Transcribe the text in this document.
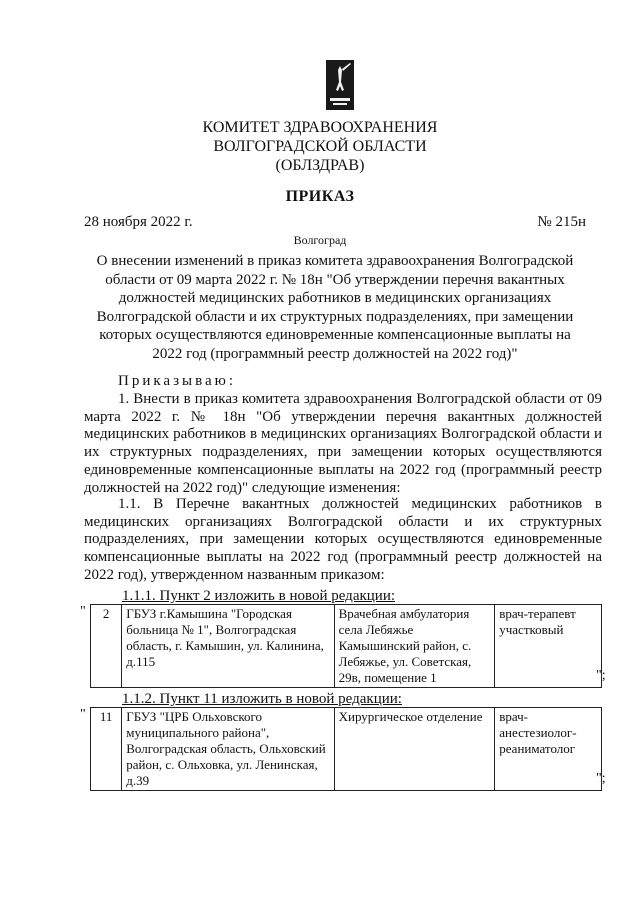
КОМИТЕТ ЗДРАВООХРАНЕНИЯ
ВОЛГОГРАДСКОЙ ОБЛАСТИ
(ОБЛЗДРАВ)
ПРИКАЗ
28 ноября 2022 г.	№ 215н
Волгоград
О внесении изменений в приказ комитета здравоохранения Волгоградской области от 09 марта 2022 г. № 18н "Об утверждении перечня вакантных должностей медицинских работников в медицинских организациях Волгоградской области и их структурных подразделениях, при замещении которых осуществляются единовременные компенсационные выплаты на 2022 год (программный реестр должностей на 2022 год)"
Приказываю:
1. Внести в приказ комитета здравоохранения Волгоградской области от 09 марта 2022 г. № 18н "Об утверждении перечня вакантных должностей медицинских работников в медицинских организациях Волгоградской области и их структурных подразделениях, при замещении которых осуществляются единовременные компенсационные выплаты на 2022 год (программный реестр должностей на 2022 год)" следующие изменения:
1.1. В Перечне вакантных должностей медицинских работников в медицинских организациях Волгоградской области и их структурных подразделениях, при замещении которых осуществляются единовременные компенсационные выплаты на 2022 год (программный реестр должностей на 2022 год), утвержденном названным приказом:
1.1.1. Пункт 2 изложить в новой редакции:
" 2	ГБУЗ г.Камышина "Городская больница № 1", Волгоградская область, г. Камышин, ул. Калинина, д.115	Врачебная амбулатория села Лебяжье Камышинский район, с. Лебяжье, ул. Советская, 29в, помещение 1	врач-терапевт участковый
";
1.1.2. Пункт 11 изложить в новой редакции:
" 11	ГБУЗ "ЦРБ Ольховского муниципального района", Волгоградская область, Ольховский район, с. Ольховка, ул. Ленинская, д.39	Хирургическое отделение	врач-анестезиолог-реаниматолог
";
